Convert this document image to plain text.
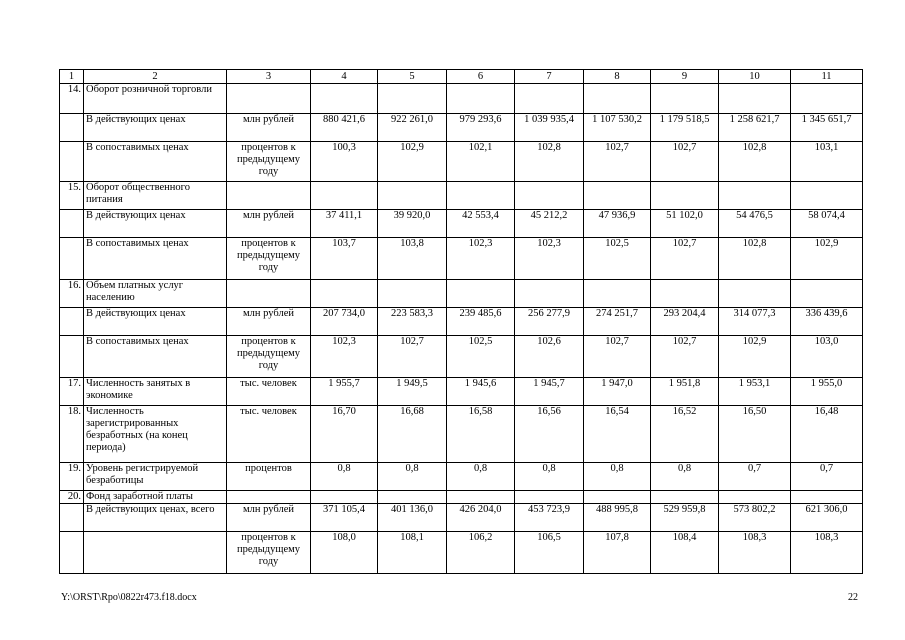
1	2	3	4	5	6	7	8	9	10	11
14.	Оборот розничной торговли									
	В действующих ценах	млн рублей	880 421,6	922 261,0	979 293,6	1 039 935,4	1 107 530,2	1 179 518,5	1 258 621,7	1 345 651,7
	В сопоставимых ценах	процентов к предыдущему году	100,3	102,9	102,1	102,8	102,7	102,7	102,8	103,1
15.	Оборот общественного питания									
	В действующих ценах	млн рублей	37 411,1	39 920,0	42 553,4	45 212,2	47 936,9	51 102,0	54 476,5	58 074,4
	В сопоставимых ценах	процентов к предыдущему году	103,7	103,8	102,3	102,3	102,5	102,7	102,8	102,9
16.	Объем платных услуг населению									
	В действующих ценах	млн рублей	207 734,0	223 583,3	239 485,6	256 277,9	274 251,7	293 204,4	314 077,3	336 439,6
	В сопоставимых ценах	процентов к предыдущему году	102,3	102,7	102,5	102,6	102,7	102,7	102,9	103,0
17.	Численность занятых в экономике	тыс. человек	1 955,7	1 949,5	1 945,6	1 945,7	1 947,0	1 951,8	1 953,1	1 955,0
18.	Численность зарегистрированных безработных (на конец периода)	тыс. человек	16,70	16,68	16,58	16,56	16,54	16,52	16,50	16,48
19.	Уровень регистрируемой безработицы	процентов	0,8	0,8	0,8	0,8	0,8	0,8	0,7	0,7
20.	Фонд заработной платы									
	В действующих ценах, всего	млн рублей	371 105,4	401 136,0	426 204,0	453 723,9	488 995,8	529 959,8	573 802,2	621 306,0
		процентов к предыдущему году	108,0	108,1	106,2	106,5	107,8	108,4	108,3	108,3
Y:\ORST\Rpo\0822r473.f18.docx	22
